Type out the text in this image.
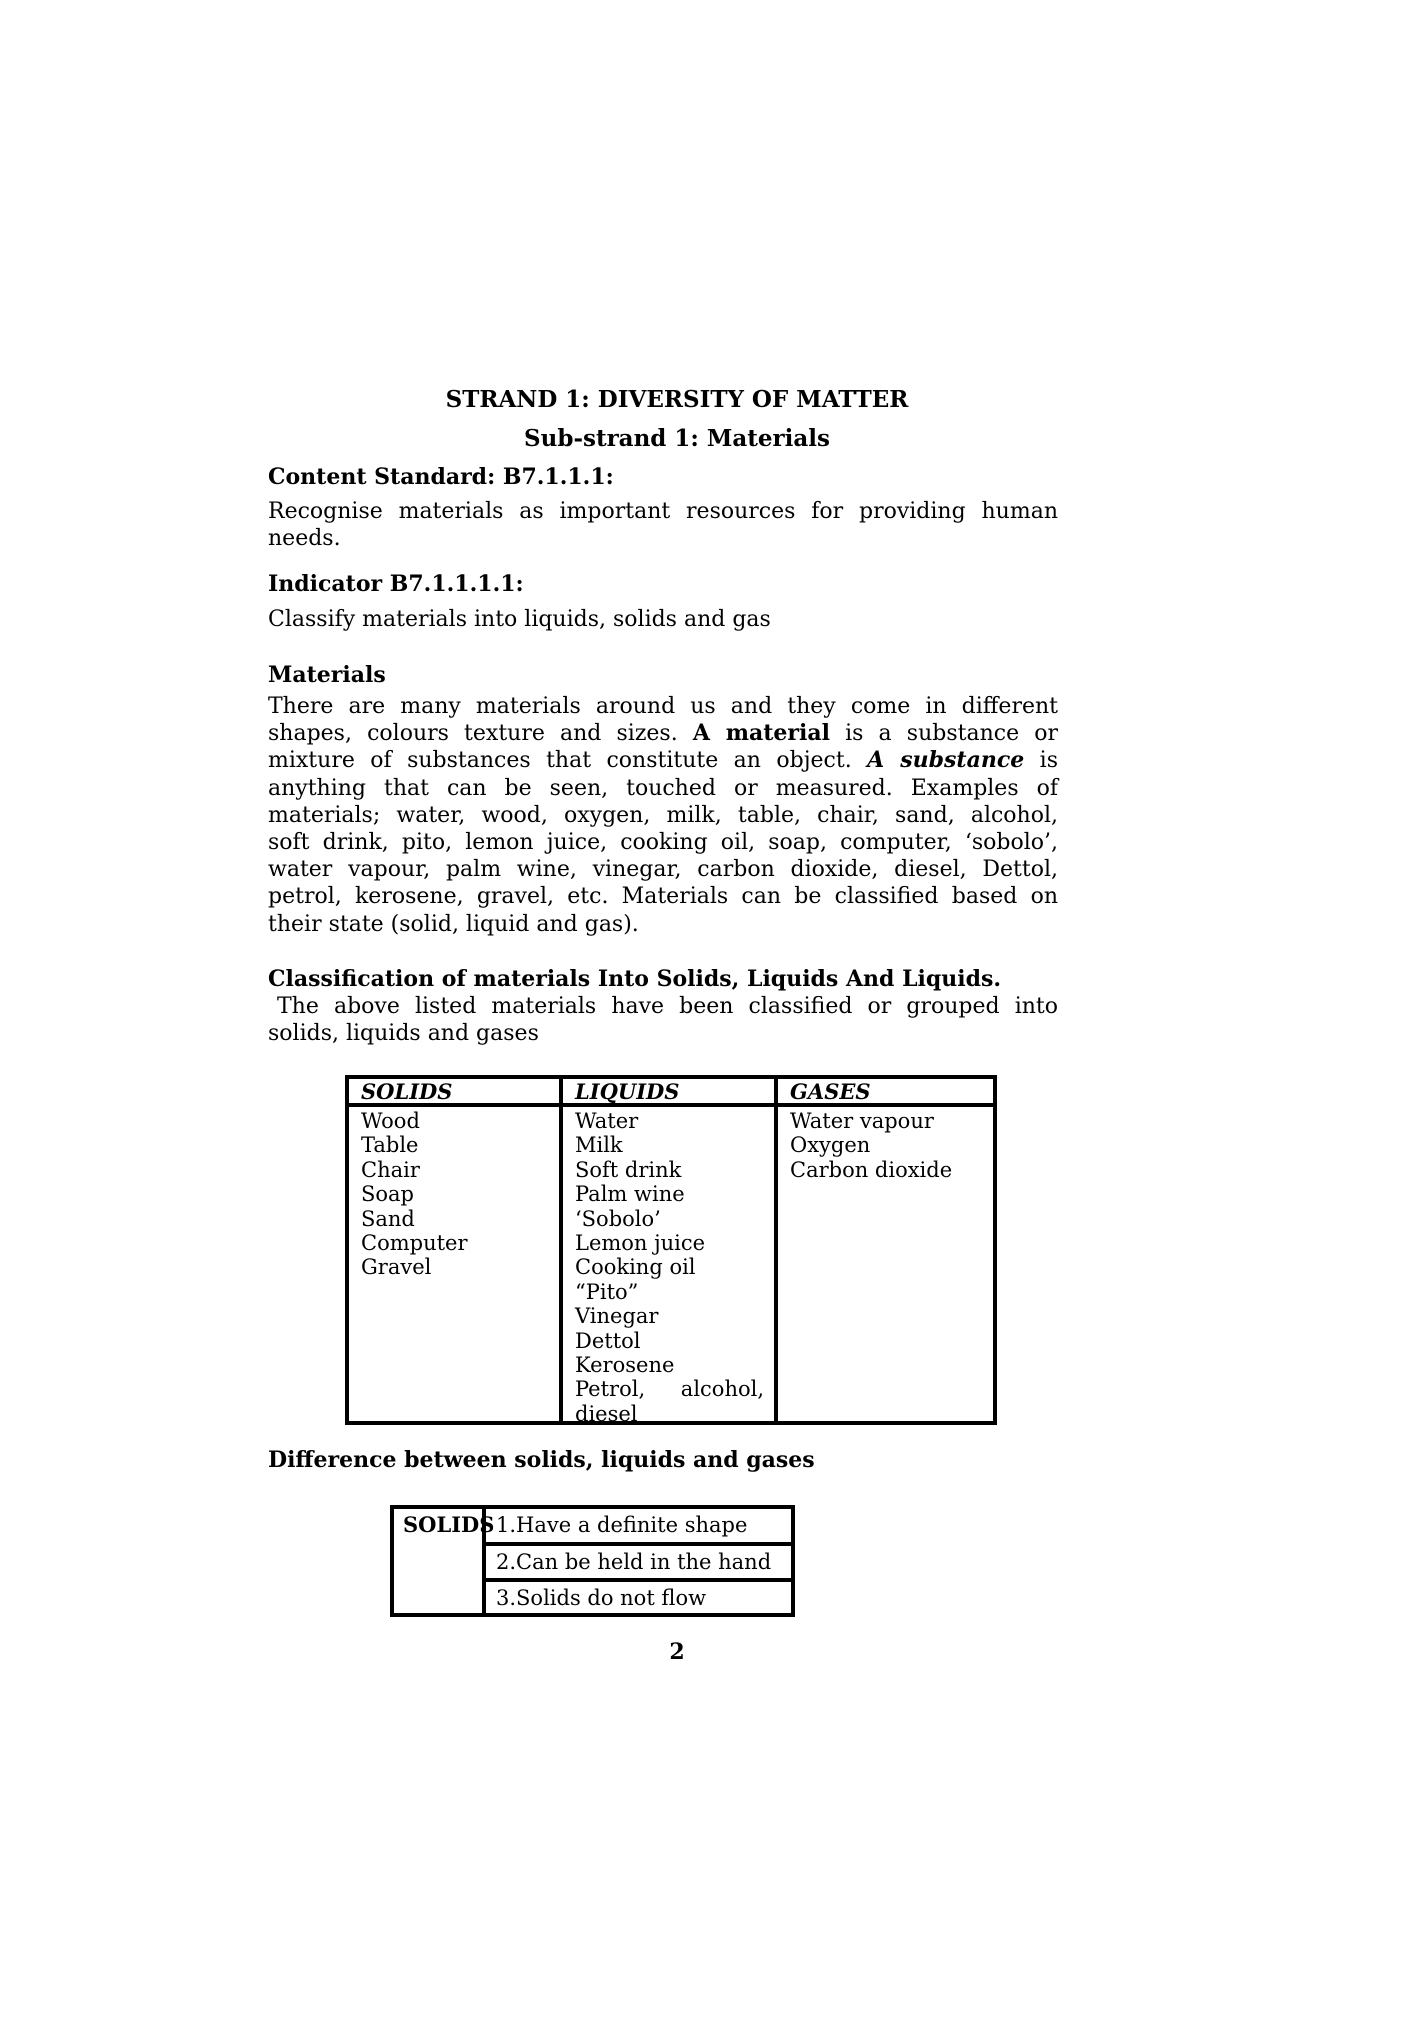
STRAND 1: DIVERSITY OF MATTER
Sub-strand 1: Materials
Content Standard: B7.1.1.1:
Recognise materials as important resources for providing human
needs.
Indicator B7.1.1.1.1:
Classify materials into liquids, solids and gas
Materials
There are many materials around us and they come in different
shapes, colours texture and sizes. A material is a substance or
mixture of substances that constitute an object. A substance is
anything that can be seen, touched or measured. Examples of
materials; water, wood, oxygen, milk, table, chair, sand, alcohol,
soft drink, pito, lemon juice, cooking oil, soap, computer, ‘sobolo’,
water vapour, palm wine, vinegar, carbon dioxide, diesel, Dettol,
petrol, kerosene, gravel, etc. Materials can be classified based on
their state (solid, liquid and gas).
Classification of materials Into Solids, Liquids And Liquids.
The above listed materials have been classified or grouped into
solids, liquids and gases
SOLIDS
Wood
Table
Chair
Soap
Sand
Computer
Gravel
LIQUIDS
Water
Milk
Soft drink
Palm wine
‘Sobolo’
Lemon juice
Cooking oil
“Pito”
Vinegar
Dettol
Kerosene
Petrol, alcohol,
diesel
GASES
Water vapour
Oxygen
Carbon dioxide
Difference between solids, liquids and gases
SOLIDS 1.Have a definite shape
2.Can be held in the hand
3.Solids do not flow
2
